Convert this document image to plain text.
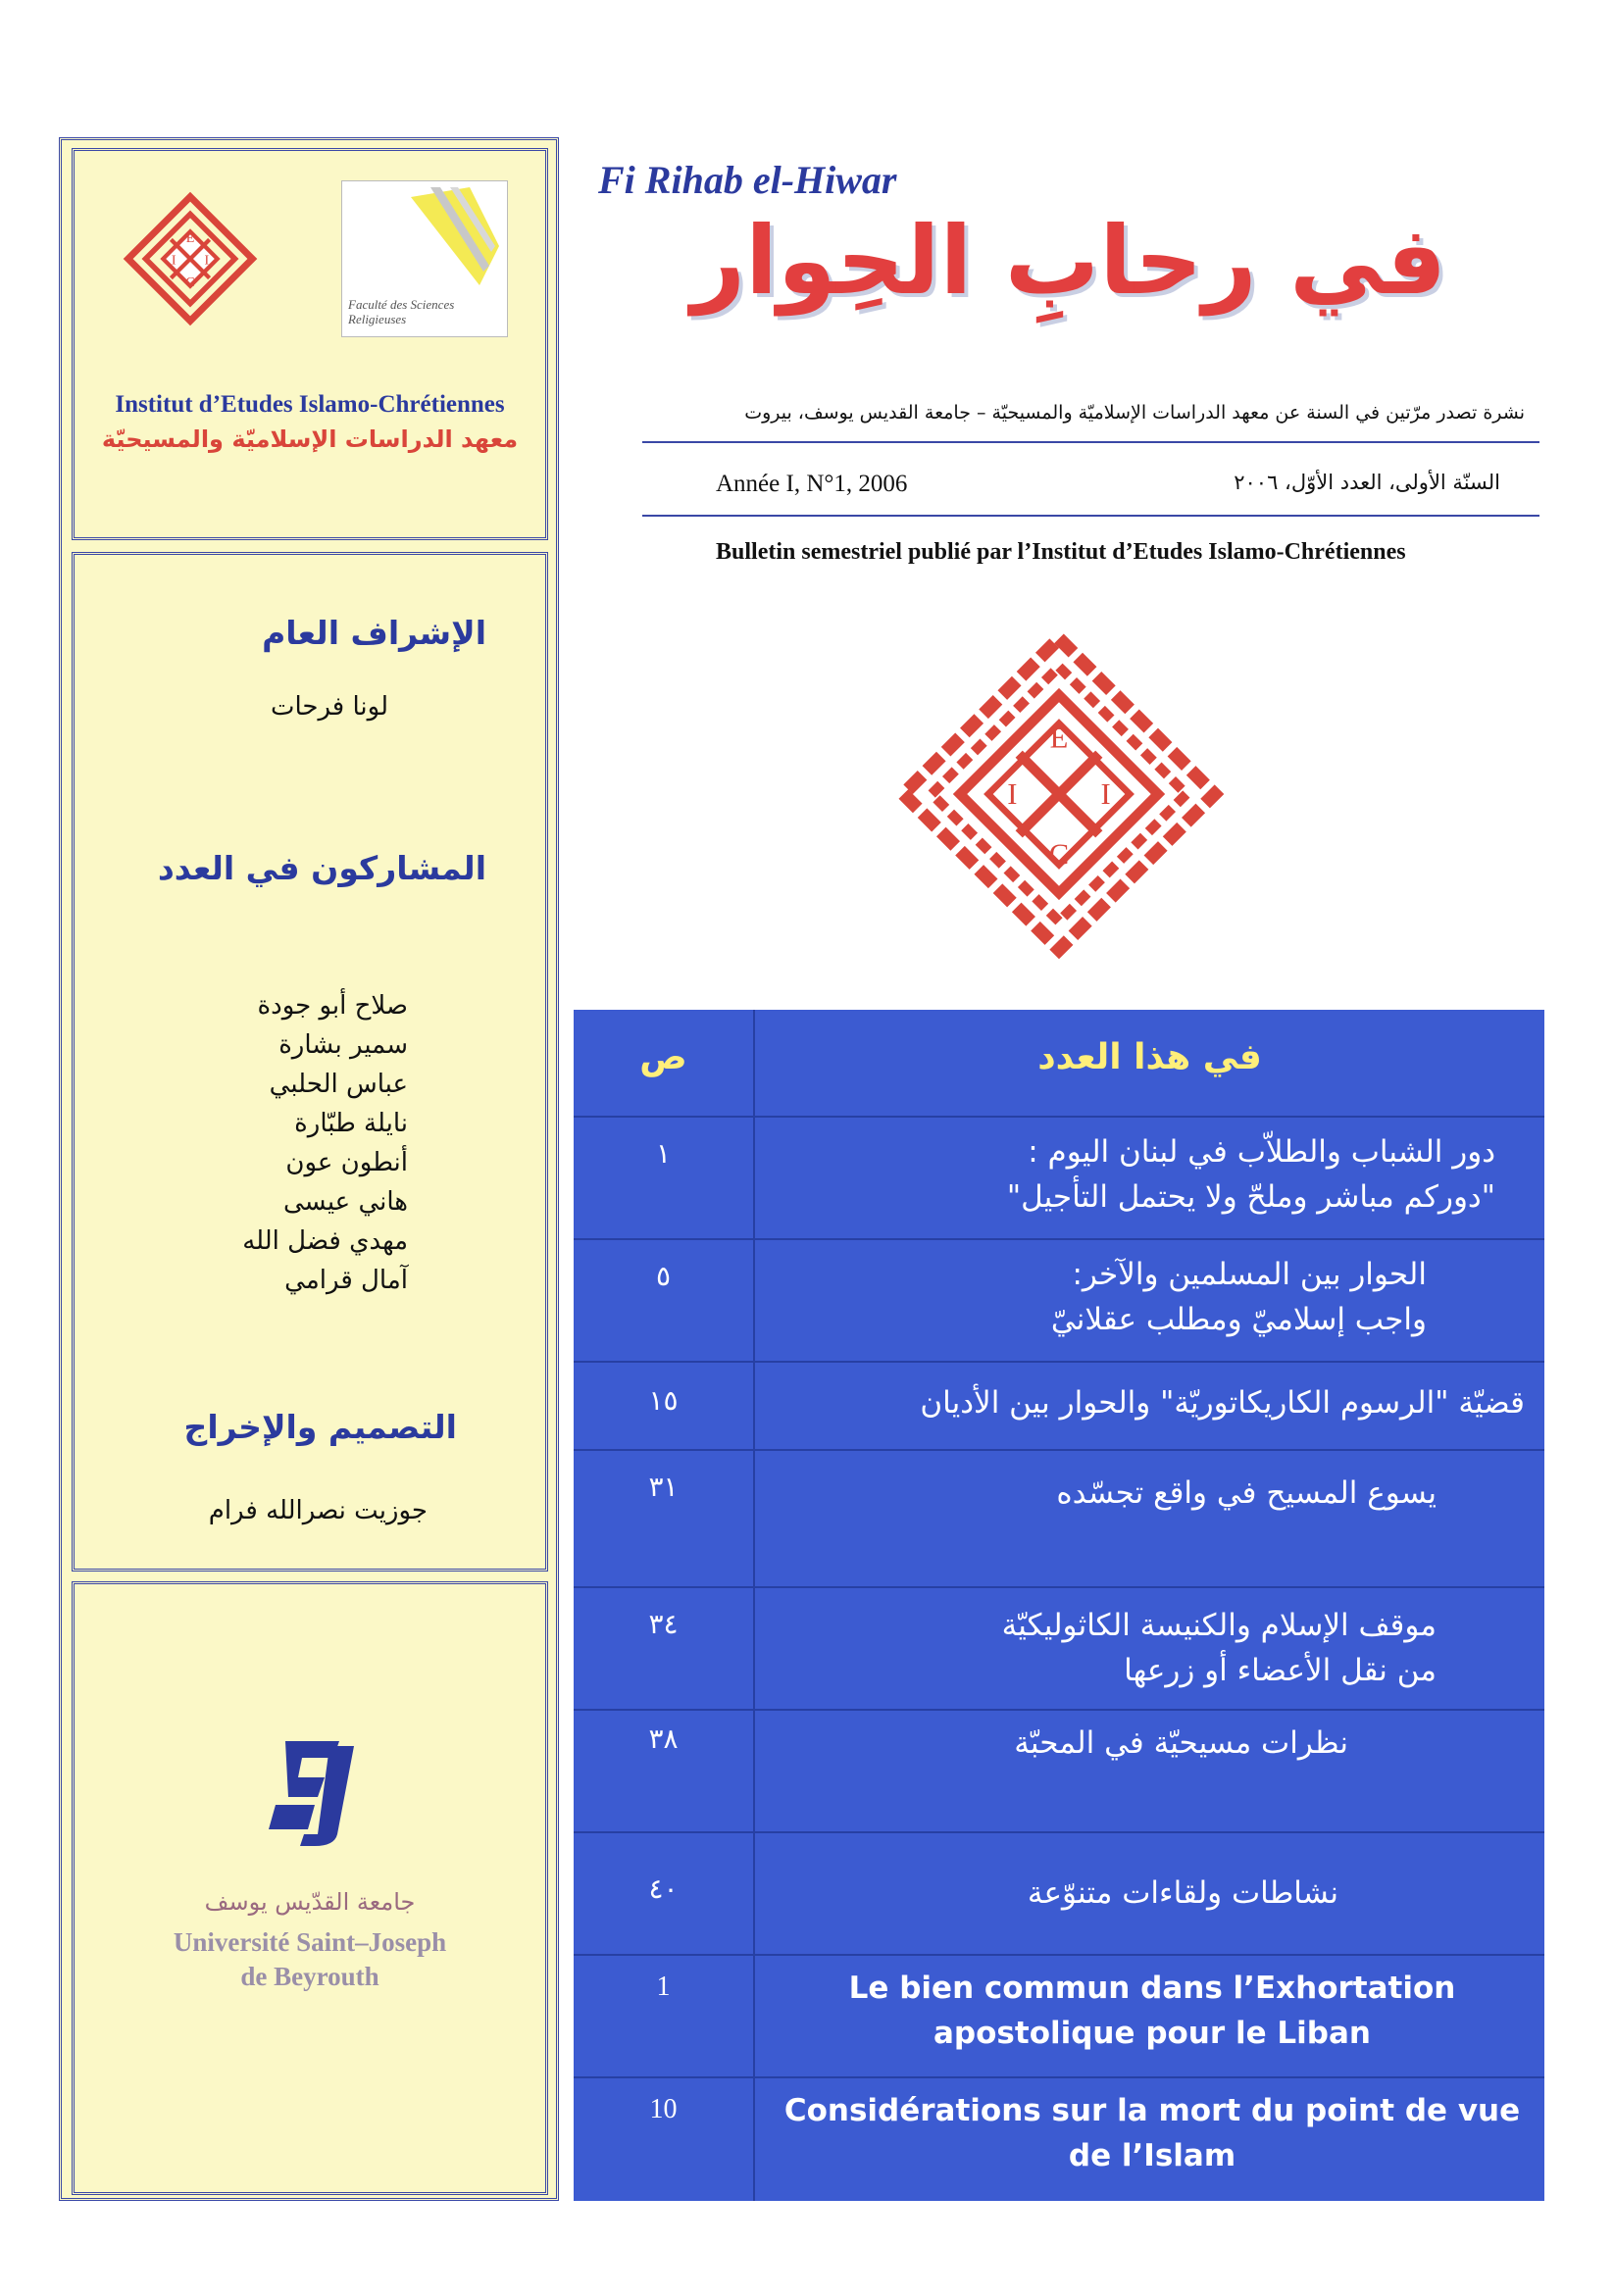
E
I	I
C
Faculté des Sciences Religieuses
Institut d’Etudes Islamo-Chrétiennes
معهد الدراسات الإسلاميّة والمسيحيّة
الإشراف العام
لونا فرحات
المشاركون في العدد
صلاح أبو جودة
سمير بشارة
عباس الحلبي
نايلة طبّارة
أنطون عون
هاني عيسى
مهدي فضل الله
آمال قرامي
التصميم والإخراج
جوزيت نصرالله فرام
جامعة القدّيس يوسف
Université Saint–Joseph
de Beyrouth
Fi Rihab el-Hiwar
في رحابِ الحِوار
نشرة تصدر مرّتين في السنة عن معهد الدراسات الإسلاميّة والمسيحيّة – جامعة القديس يوسف، بيروت
Année I, N°1, 2006	السنّة الأولى، العدد الأوّل، ٢٠٠٦
Bulletin semestriel publié par l’Institut d’Etudes Islamo-Chrétiennes
E
I	I
C
ص	في هذا العدد
١	دور الشباب والطلاّب في لبنان اليوم :
"دوركم مباشر وملحّ ولا يحتمل التأجيل"
٥	الحوار بين المسلمين والآخر:
واجب إسلاميّ ومطلب عقلانيّ
١٥	قضيّة "الرسوم الكاريكاتوريّة" والحوار بين الأديان
٣١	يسوع المسيح في واقع تجسّده
٣٤	موقف الإسلام والكنيسة الكاثوليكيّة
من نقل الأعضاء أو زرعها
٣٨	نظرات مسيحيّة في المحبّة
٤٠	نشاطات ولقاءات متنوّعة
1	Le bien commun dans l’Exhortation
apostolique pour le Liban
10	Considérations sur la mort du point de vue
de l’Islam
